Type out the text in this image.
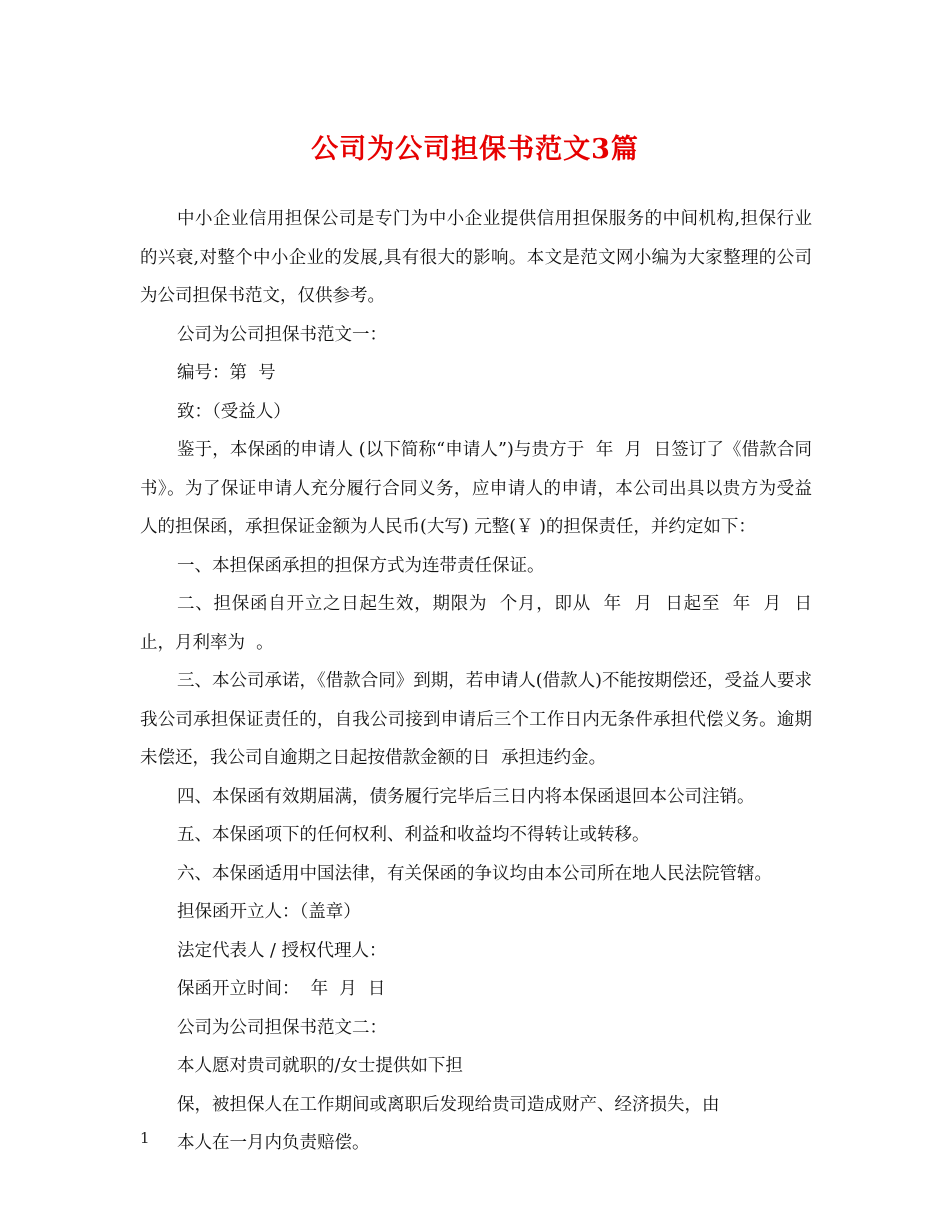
公司为公司担保书范文3篇

中小企业信用担保公司是专门为中小企业提供信用担保服务的中间机构,担保行业的兴衰,对整个中小企业的发展,具有很大的影响。本文是范文网小编为大家整理的公司为公司担保书范文，仅供参考。

公司为公司担保书范文一：

编号：第  号

致：（受益人）

鉴于，本保函的申请人 (以下简称“申请人”)与贵方于  年  月  日签订了《借款合同书》。为了保证申请人充分履行合同义务，应申请人的申请，本公司出具以贵方为受益人的担保函，承担保证金额为人民币(大写) 元整(￥ )的担保责任，并约定如下：

一、本担保函承担的担保方式为连带责任保证。

二、担保函自开立之日起生效，期限为  个月，即从  年  月  日起至  年  月  日止，月利率为  。

三、本公司承诺，《借款合同》到期，若申请人(借款人)不能按期偿还，受益人要求我公司承担保证责任的，自我公司接到申请后三个工作日内无条件承担代偿义务。逾期未偿还，我公司自逾期之日起按借款金额的日  承担违约金。

四、本保函有效期届满，债务履行完毕后三日内将本保函退回本公司注销。

五、本保函项下的任何权利、利益和收益均不得转让或转移。

六、本保函适用中国法律，有关保函的争议均由本公司所在地人民法院管辖。

担保函开立人：（盖章）

法定代表人 / 授权代理人：

保函开立时间：  年  月  日

公司为公司担保书范文二：

本人愿对贵司就职的/女士提供如下担

保，被担保人在工作期间或离职后发现给贵司造成财产、经济损失，由

本人在一月内负责赔偿。

1
